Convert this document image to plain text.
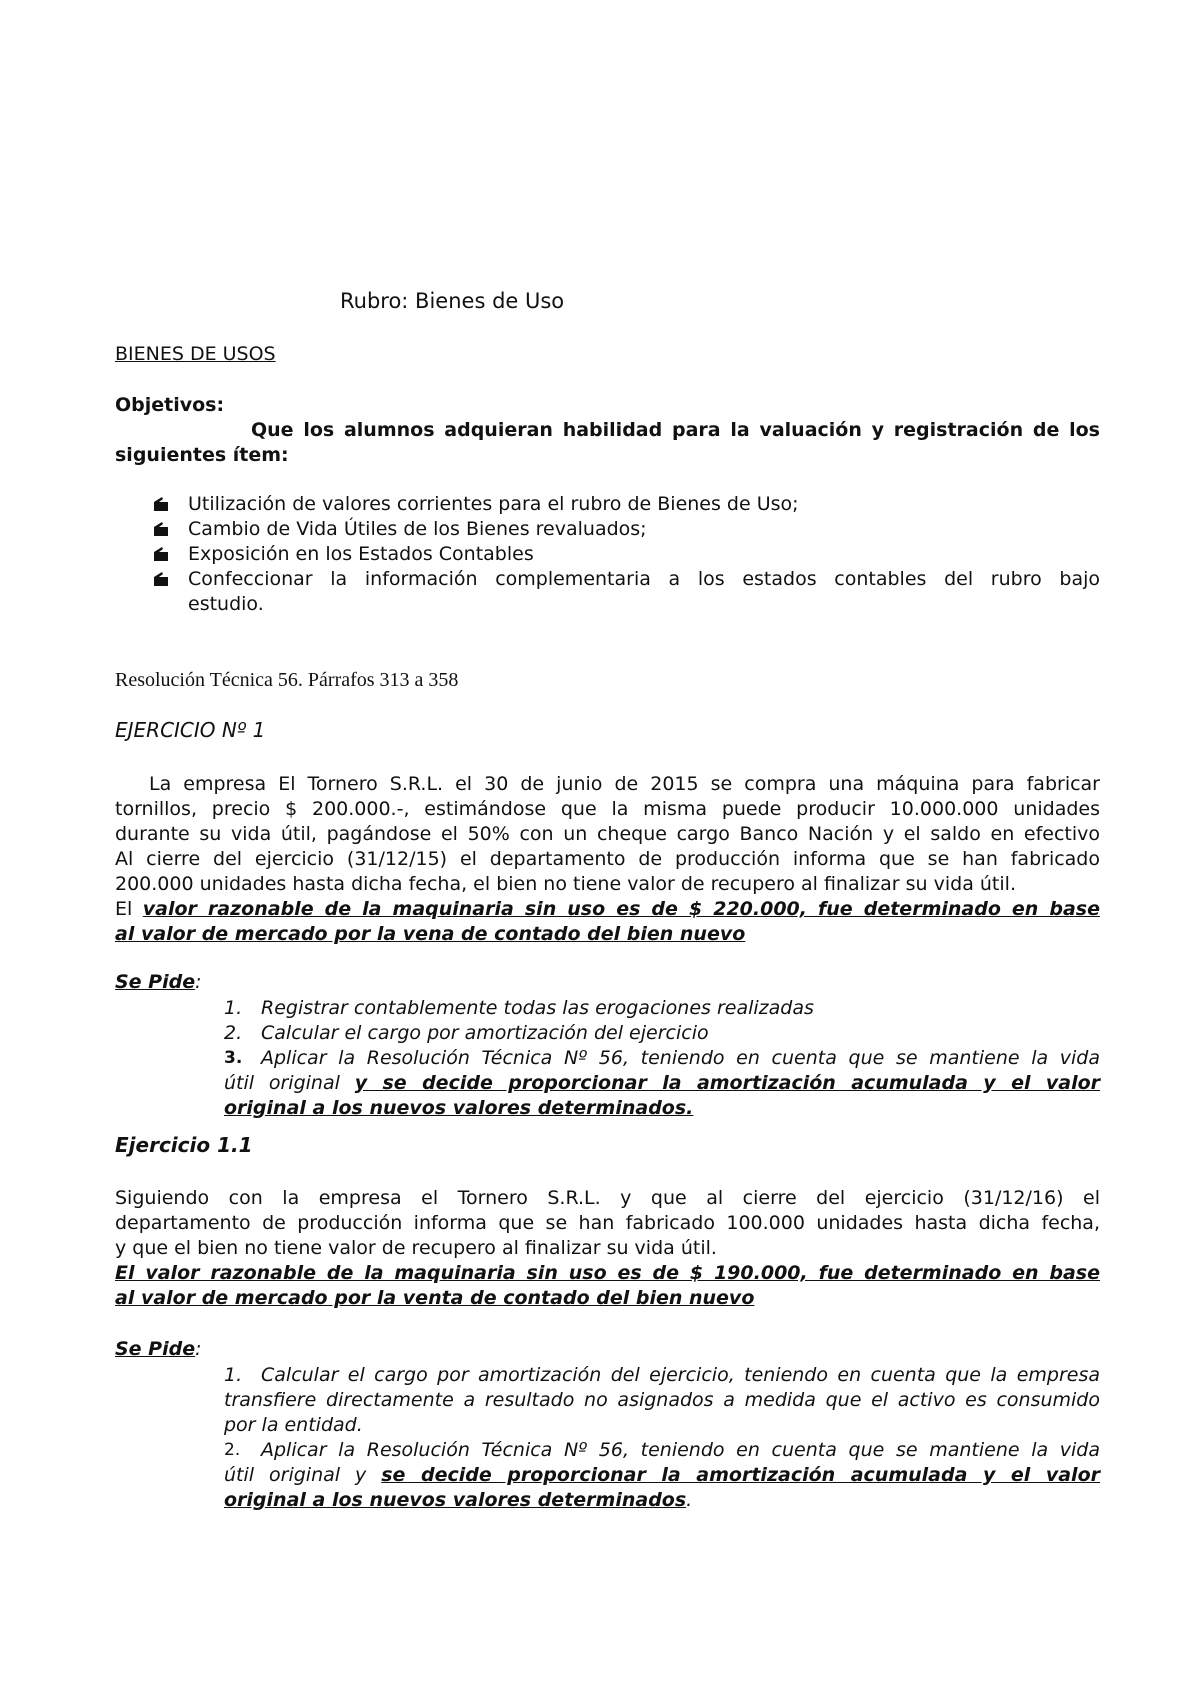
Rubro: Bienes de Uso
BIENES DE USOS
Objetivos:
Que los alumnos adquieran habilidad para la valuación y registración de los
siguientes ítem:
Utilización de valores corrientes para el rubro de Bienes de Uso;
Cambio de Vida Útiles de los Bienes revaluados;
Exposición en los Estados Contables
Confeccionar la información complementaria a los estados contables del rubro bajo
estudio.
Resolución Técnica 56. Párrafos 313 a 358
EJERCICIO Nº 1
La empresa El Tornero S.R.L. el 30 de junio de 2015 se compra una máquina para fabricar
tornillos, precio $ 200.000.-, estimándose que la misma puede producir 10.000.000 unidades
durante su vida útil, pagándose el 50% con un cheque cargo Banco Nación y el saldo en efectivo
Al cierre del ejercicio (31/12/15) el departamento de producción informa que se han fabricado
200.000 unidades hasta dicha fecha, el bien no tiene valor de recupero al finalizar su vida útil.
El valor razonable de la maquinaria sin uso es de $ 220.000, fue determinado en base
al valor de mercado por la vena de contado del bien nuevo
Se Pide:
1. Registrar contablemente todas las erogaciones realizadas
2. Calcular el cargo por amortización del ejercicio
3. Aplicar la Resolución Técnica Nº 56, teniendo en cuenta que se mantiene la vida
útil original y se decide proporcionar la amortización acumulada y el valor
original a los nuevos valores determinados.
Ejercicio 1.1
Siguiendo con la empresa el Tornero S.R.L. y que al cierre del ejercicio (31/12/16) el
departamento de producción informa que se han fabricado 100.000 unidades hasta dicha fecha,
y que el bien no tiene valor de recupero al finalizar su vida útil.
El valor razonable de la maquinaria sin uso es de $ 190.000, fue determinado en base
al valor de mercado por la venta de contado del bien nuevo
Se Pide:
1. Calcular el cargo por amortización del ejercicio, teniendo en cuenta que la empresa
transfiere directamente a resultado no asignados a medida que el activo es consumido
por la entidad.
2. Aplicar la Resolución Técnica Nº 56, teniendo en cuenta que se mantiene la vida
útil original y se decide proporcionar la amortización acumulada y el valor
original a los nuevos valores determinados.
